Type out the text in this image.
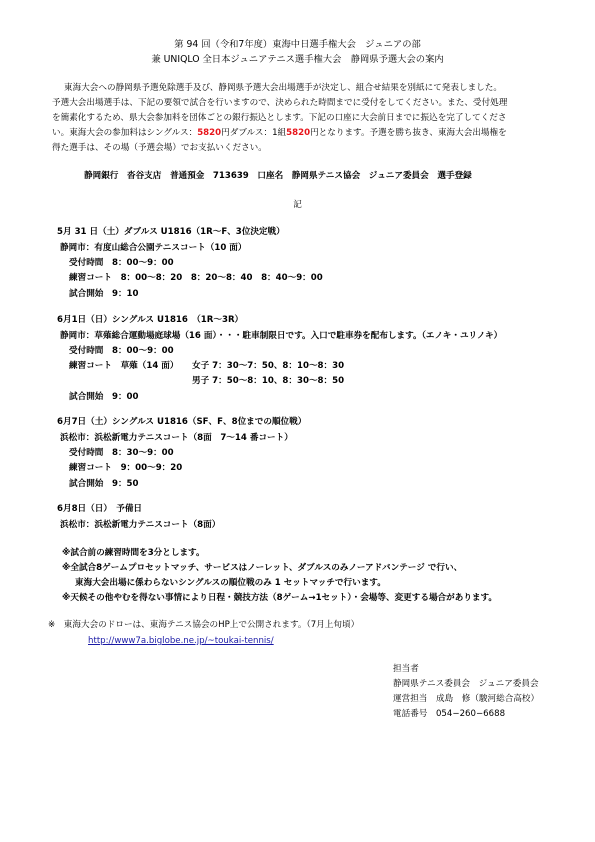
第 94 回（令和7年度）東海中日選手権大会　ジュニアの部
兼 UNIQLO 全日本ジュニアテニス選手権大会　静岡県予選大会の案内
東海大会への静岡県予選免除選手及び、静岡県予選大会出場選手が決定し、組合せ結果を別紙にて発表しました。
予選大会出場選手は、下記の要領で試合を行いますので、決められた時間までに受付をしてください。また、受付処理
を簡素化するため、県大会参加料を団体ごとの銀行振込とします。下記の口座に大会前日までに振込を完了してくださ
い。東海大会の参加料はシングルス：5820円ダブルス：1組5820円となります。予選を勝ち抜き、東海大会出場権を
得た選手は、その場（予選会場）でお支払いください。
静岡銀行　沓谷支店　普通預金　713639　口座名　静岡県テニス協会　ジュニア委員会　選手登録
記
5月 31 日（土）ダブルス U1816（1R〜F、3位決定戦）
静岡市：有度山総合公園テニスコート（10 面）
受付時間　8：00〜9：00
練習コート　8：00〜8：20　8：20〜8：40　8：40〜9：00
試合開始　9：10
6月1日（日）シングルス U1816　（1R〜3R）
静岡市：草薙総合運動場庭球場（16 面）・・・駐車制限日です。入口で駐車券を配布します。（エノキ・ユリノキ）
受付時間　8：00〜9：00
練習コート　草薙（14 面） 女子 7：30〜7：50、8：10〜8：30
男子 7：50〜8：10、8：30〜8：50
試合開始　9：00
6月7日（土）シングルス U1816（SF、F、8位までの順位戦）
浜松市：浜松新電力テニスコート（8面　7〜14 番コート）
受付時間　8：30〜9：00
練習コート　9：00〜9：20
試合開始　9：50
6月8日（日）　予備日
浜松市：浜松新電力テニスコート（8面）
※試合前の練習時間を3分とします。
※全試合8ゲームプロセットマッチ、サービスはノーレット、ダブルスのみノーアドバンテージ で行い、
東海大会出場に係わらないシングルスの順位戦のみ 1 セットマッチで行います。
※天候その他やむを得ない事情により日程・競技方法（8ゲーム→1セット）・会場等、変更する場合があります。
※　東海大会のドローは、東海テニス協会のHP上で公開されます。（7月上旬頃）
http://www7a.biglobe.ne.jp/~toukai-tennis/
担当者
静岡県テニス委員会　ジュニア委員会
運営担当　成島　修（駿河総合高校）
電話番号　054−260−6688
